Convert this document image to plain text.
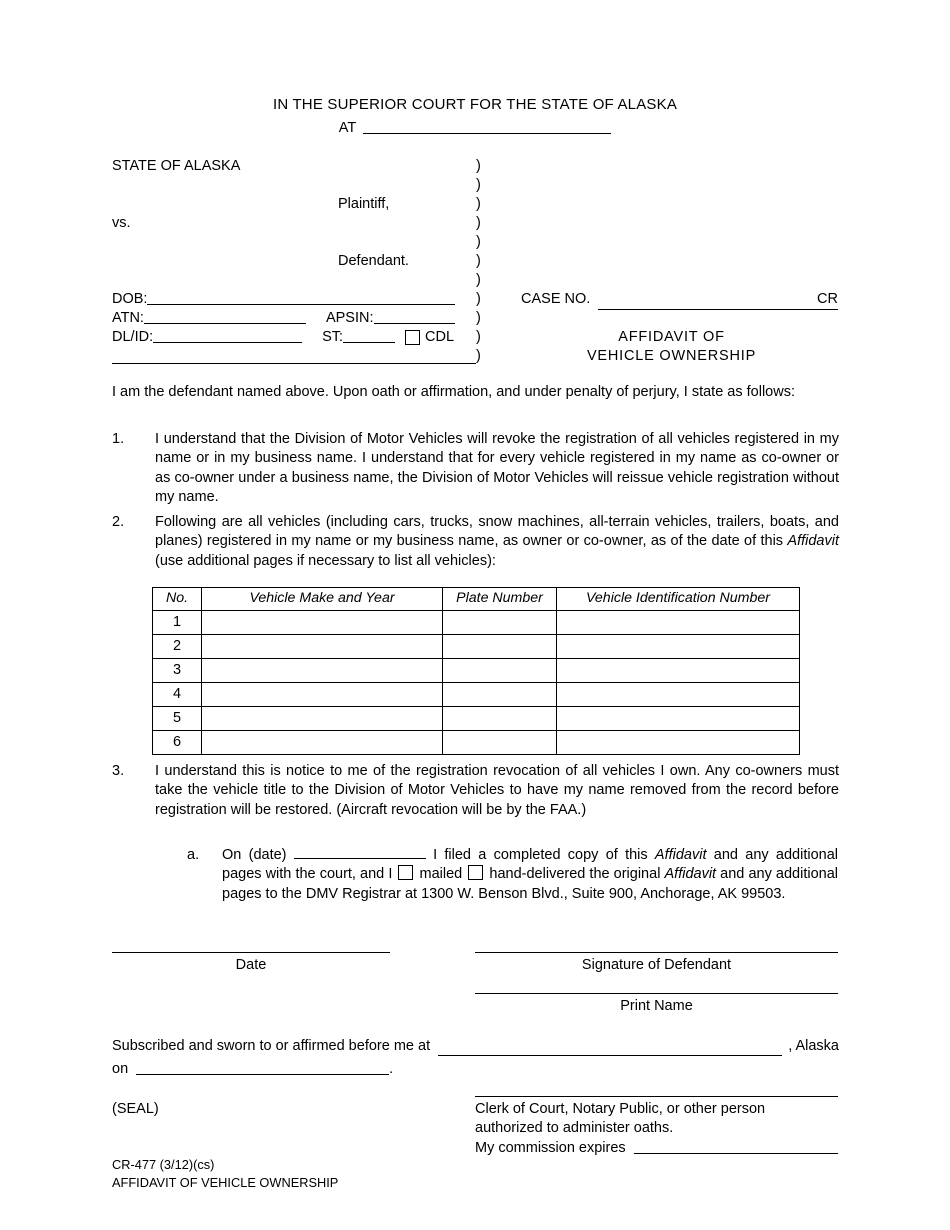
IN THE SUPERIOR COURT FOR THE STATE OF ALASKA
AT
STATE OF ALASKA
Plaintiff,
vs.
Defendant.
DOB:
ATN:	APSIN:
DL/ID:	ST:	CDL
)
)
)
)
)
)
)
)
)
)
)
CASE NO.	CR
AFFIDAVIT OF
VEHICLE OWNERSHIP
I am the defendant named above. Upon oath or affirmation, and under penalty of perjury, I state as follows:
1.	I understand that the Division of Motor Vehicles will revoke the registration of all vehicles registered in my name or in my business name. I understand that for every vehicle registered in my name as co-owner or as co-owner under a business name, the Division of Motor Vehicles will reissue vehicle registration without my name.
2.	Following are all vehicles (including cars, trucks, snow machines, all-terrain vehicles, trailers, boats, and planes) registered in my name or my business name, as owner or co-owner, as of the date of this Affidavit (use additional pages if necessary to list all vehicles):
No.	Vehicle Make and Year	Plate Number	Vehicle Identification Number
1			
2			
3			
4			
5			
6			
3.	I understand this is notice to me of the registration revocation of all vehicles I own. Any co-owners must take the vehicle title to the Division of Motor Vehicles to have my name removed from the record before registration will be restored. (Aircraft revocation will be by the FAA.)
a.	On (date)	I filed a completed copy of this Affidavit and any additional pages with the court, and I  mailed  hand-delivered the original Affidavit and any additional pages to the DMV Registrar at 1300 W. Benson Blvd., Suite 900, Anchorage, AK 99503.
Date	Signature of Defendant
Print Name
Subscribed and sworn to or affirmed before me at	, Alaska
on	.
Clerk of Court, Notary Public, or other person
authorized to administer oaths.
My commission expires
(SEAL)
CR-477 (3/12)(cs)
AFFIDAVIT OF VEHICLE OWNERSHIP
